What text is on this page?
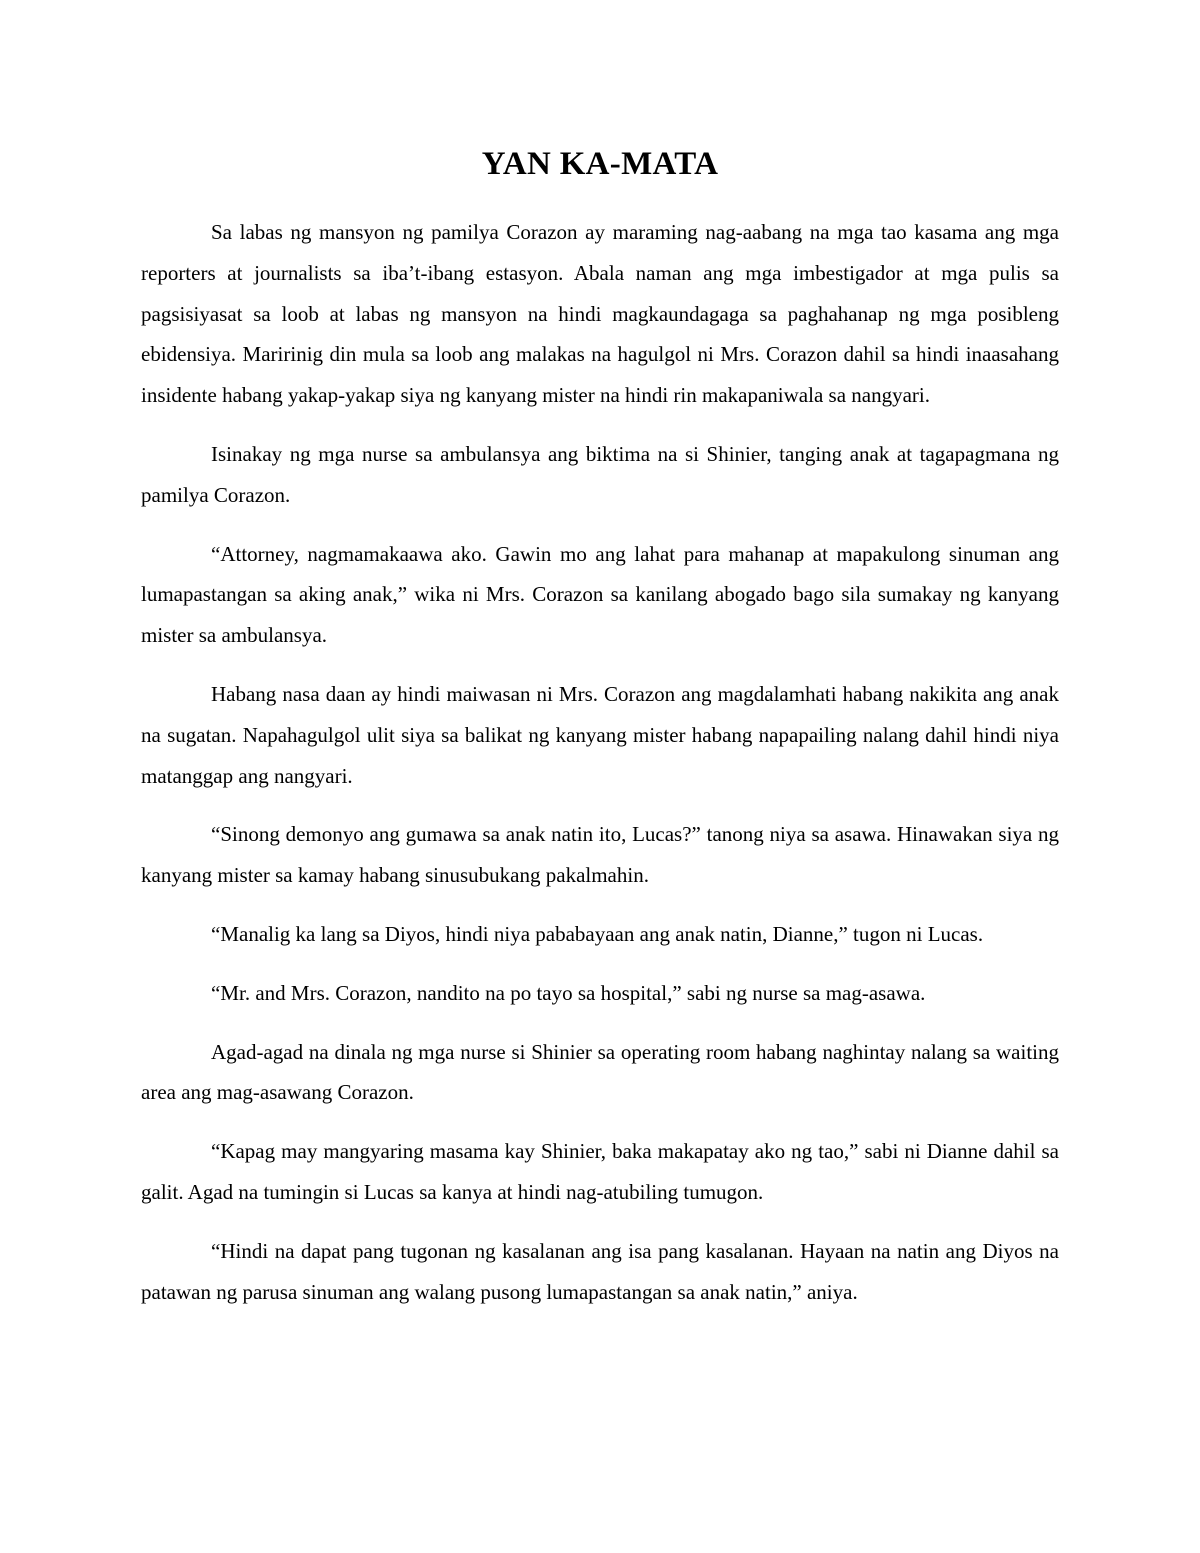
YAN KA-MATA

Sa labas ng mansyon ng pamilya Corazon ay maraming nag-aabang na mga tao kasama ang mga reporters at journalists sa iba’t-ibang estasyon. Abala naman ang mga imbestigador at mga pulis sa pagsisiyasat sa loob at labas ng mansyon na hindi magkaundagaga sa paghahanap ng mga posibleng ebidensiya. Maririnig din mula sa loob ang malakas na hagulgol ni Mrs. Corazon dahil sa hindi inaasahang insidente habang yakap-yakap siya ng kanyang mister na hindi rin makapaniwala sa nangyari.

Isinakay ng mga nurse sa ambulansya ang biktima na si Shinier, tanging anak at tagapagmana ng pamilya Corazon.

“Attorney, nagmamakaawa ako. Gawin mo ang lahat para mahanap at mapakulong sinuman ang lumapastangan sa aking anak,” wika ni Mrs. Corazon sa kanilang abogado bago sila sumakay ng kanyang mister sa ambulansya.

Habang nasa daan ay hindi maiwasan ni Mrs. Corazon ang magdalamhati habang nakikita ang anak na sugatan. Napahagulgol ulit siya sa balikat ng kanyang mister habang napapailing nalang dahil hindi niya matanggap ang nangyari.

“Sinong demonyo ang gumawa sa anak natin ito, Lucas?” tanong niya sa asawa. Hinawakan siya ng kanyang mister sa kamay habang sinusubukang pakalmahin.

“Manalig ka lang sa Diyos, hindi niya pababayaan ang anak natin, Dianne,” tugon ni Lucas.

“Mr. and Mrs. Corazon, nandito na po tayo sa hospital,” sabi ng nurse sa mag-asawa.

Agad-agad na dinala ng mga nurse si Shinier sa operating room habang naghintay nalang sa waiting area ang mag-asawang Corazon.

“Kapag may mangyaring masama kay Shinier, baka makapatay ako ng tao,” sabi ni Dianne dahil sa galit. Agad na tumingin si Lucas sa kanya at hindi nag-atubiling tumugon.

“Hindi na dapat pang tugonan ng kasalanan ang isa pang kasalanan. Hayaan na natin ang Diyos na patawan ng parusa sinuman ang walang pusong lumapastangan sa anak natin,” aniya.
